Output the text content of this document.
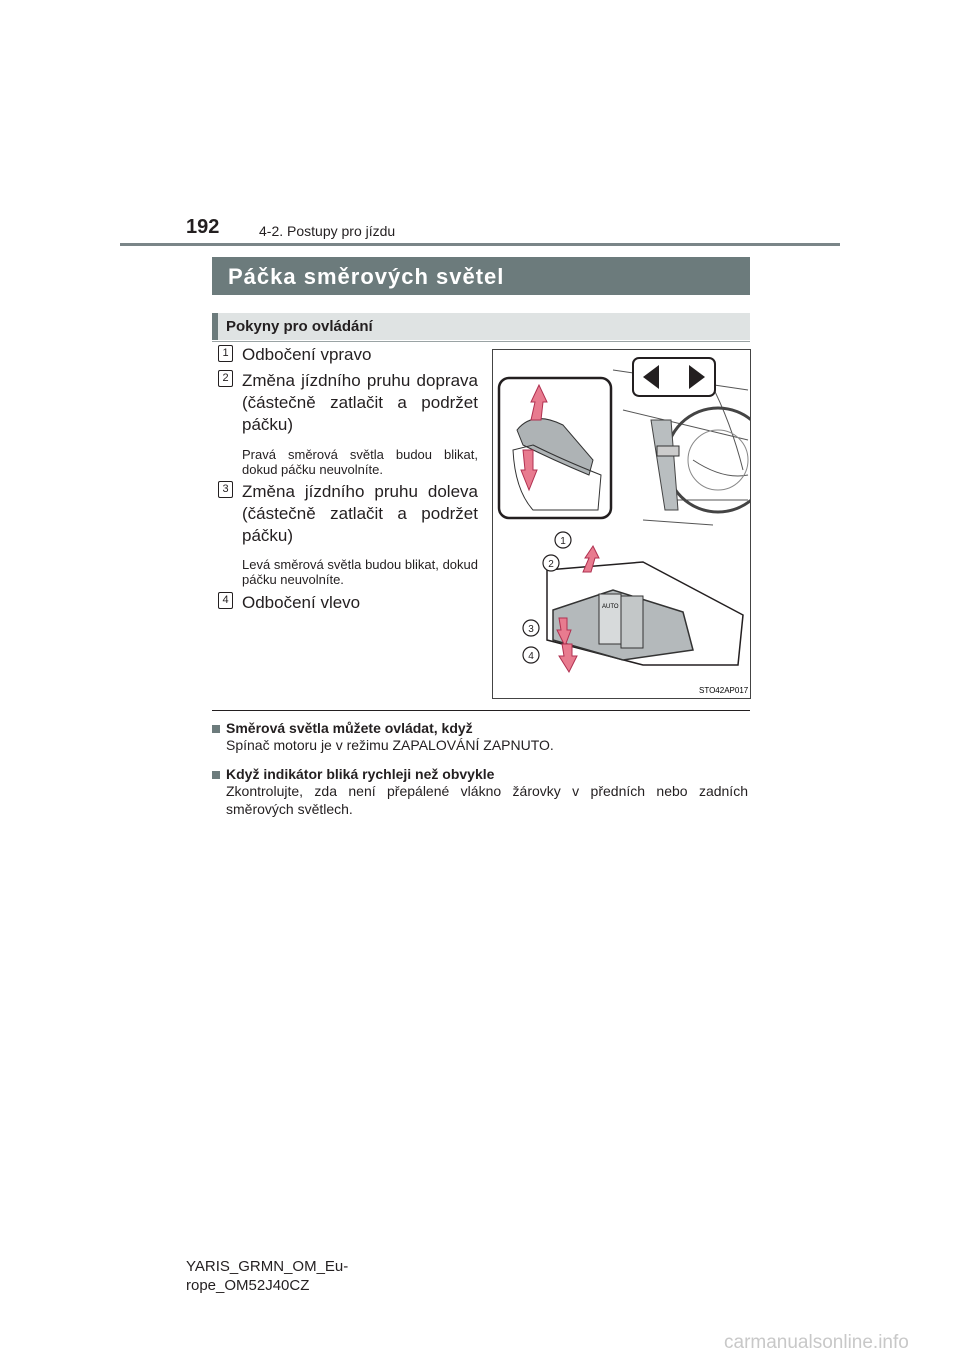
192	4-2. Postupy pro jízdu
Páčka směrových světel
Pokyny pro ovládání
1 Odbočení vpravo
2 Změna jízdního pruhu doprava (částečně zatlačit a podržet páčku)
Pravá směrová světla budou blikat, dokud páčku neuvolníte.
3 Změna jízdního pruhu doleva (částečně zatlačit a podržet páčku)
Levá směrová světla budou blikat, dokud páčku neuvolníte.
4 Odbočení vlevo	AUTO
1
2
3
4
STO42AP017
Směrová světla můžete ovládat, když
Spínač motoru je v režimu ZAPALOVÁNÍ ZAPNUTO.
Když indikátor bliká rychleji než obvykle
Zkontrolujte, zda není přepálené vlákno žárovky v předních nebo zadních směrových světlech.
YARIS_GRMN_OM_Eu-
rope_OM52J40CZ
carmanualsonline.info
